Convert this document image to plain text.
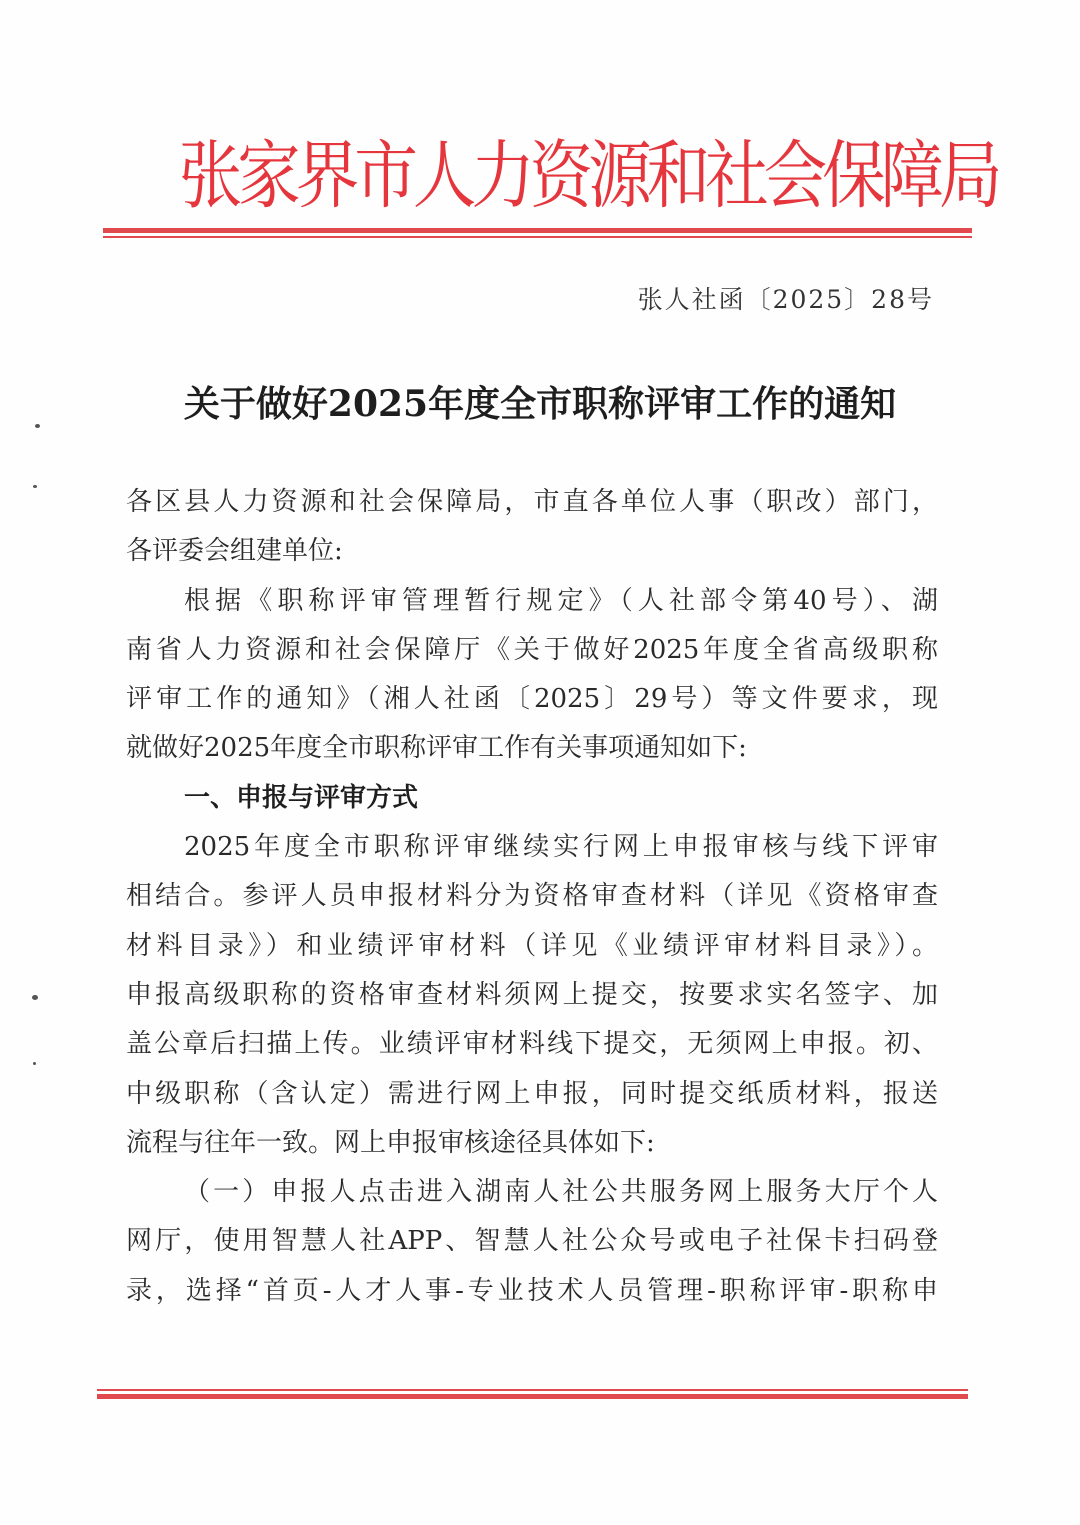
张家界市人力资源和社会保障局
张人社函〔2025〕28号
关于做好2025年度全市职称评审工作的通知
各区县人力资源和社会保障局，市直各单位人事（职改）部门，
各评委会组建单位:
根据《职称评审管理暂行规定》（人社部令第40号）、湖
南省人力资源和社会保障厅《关于做好2025年度全省高级职称
评审工作的通知》（湘人社函〔2025〕29号）等文件要求，现
就做好2025年度全市职称评审工作有关事项通知如下:
一、申报与评审方式
2025年度全市职称评审继续实行网上申报审核与线下评审
相结合。参评人员申报材料分为资格审查材料（详见《资格审查
材料目录》）和业绩评审材料（详见《业绩评审材料目录》）。
申报高级职称的资格审查材料须网上提交，按要求实名签字、加
盖公章后扫描上传。业绩评审材料线下提交，无须网上申报。初、
中级职称（含认定）需进行网上申报，同时提交纸质材料，报送
流程与往年一致。网上申报审核途径具体如下:
（一）申报人点击进入湖南人社公共服务网上服务大厅个人
网厅，使用智慧人社APP、智慧人社公众号或电子社保卡扫码登
录，选择“首页-人才人事-专业技术人员管理-职称评审-职称申
